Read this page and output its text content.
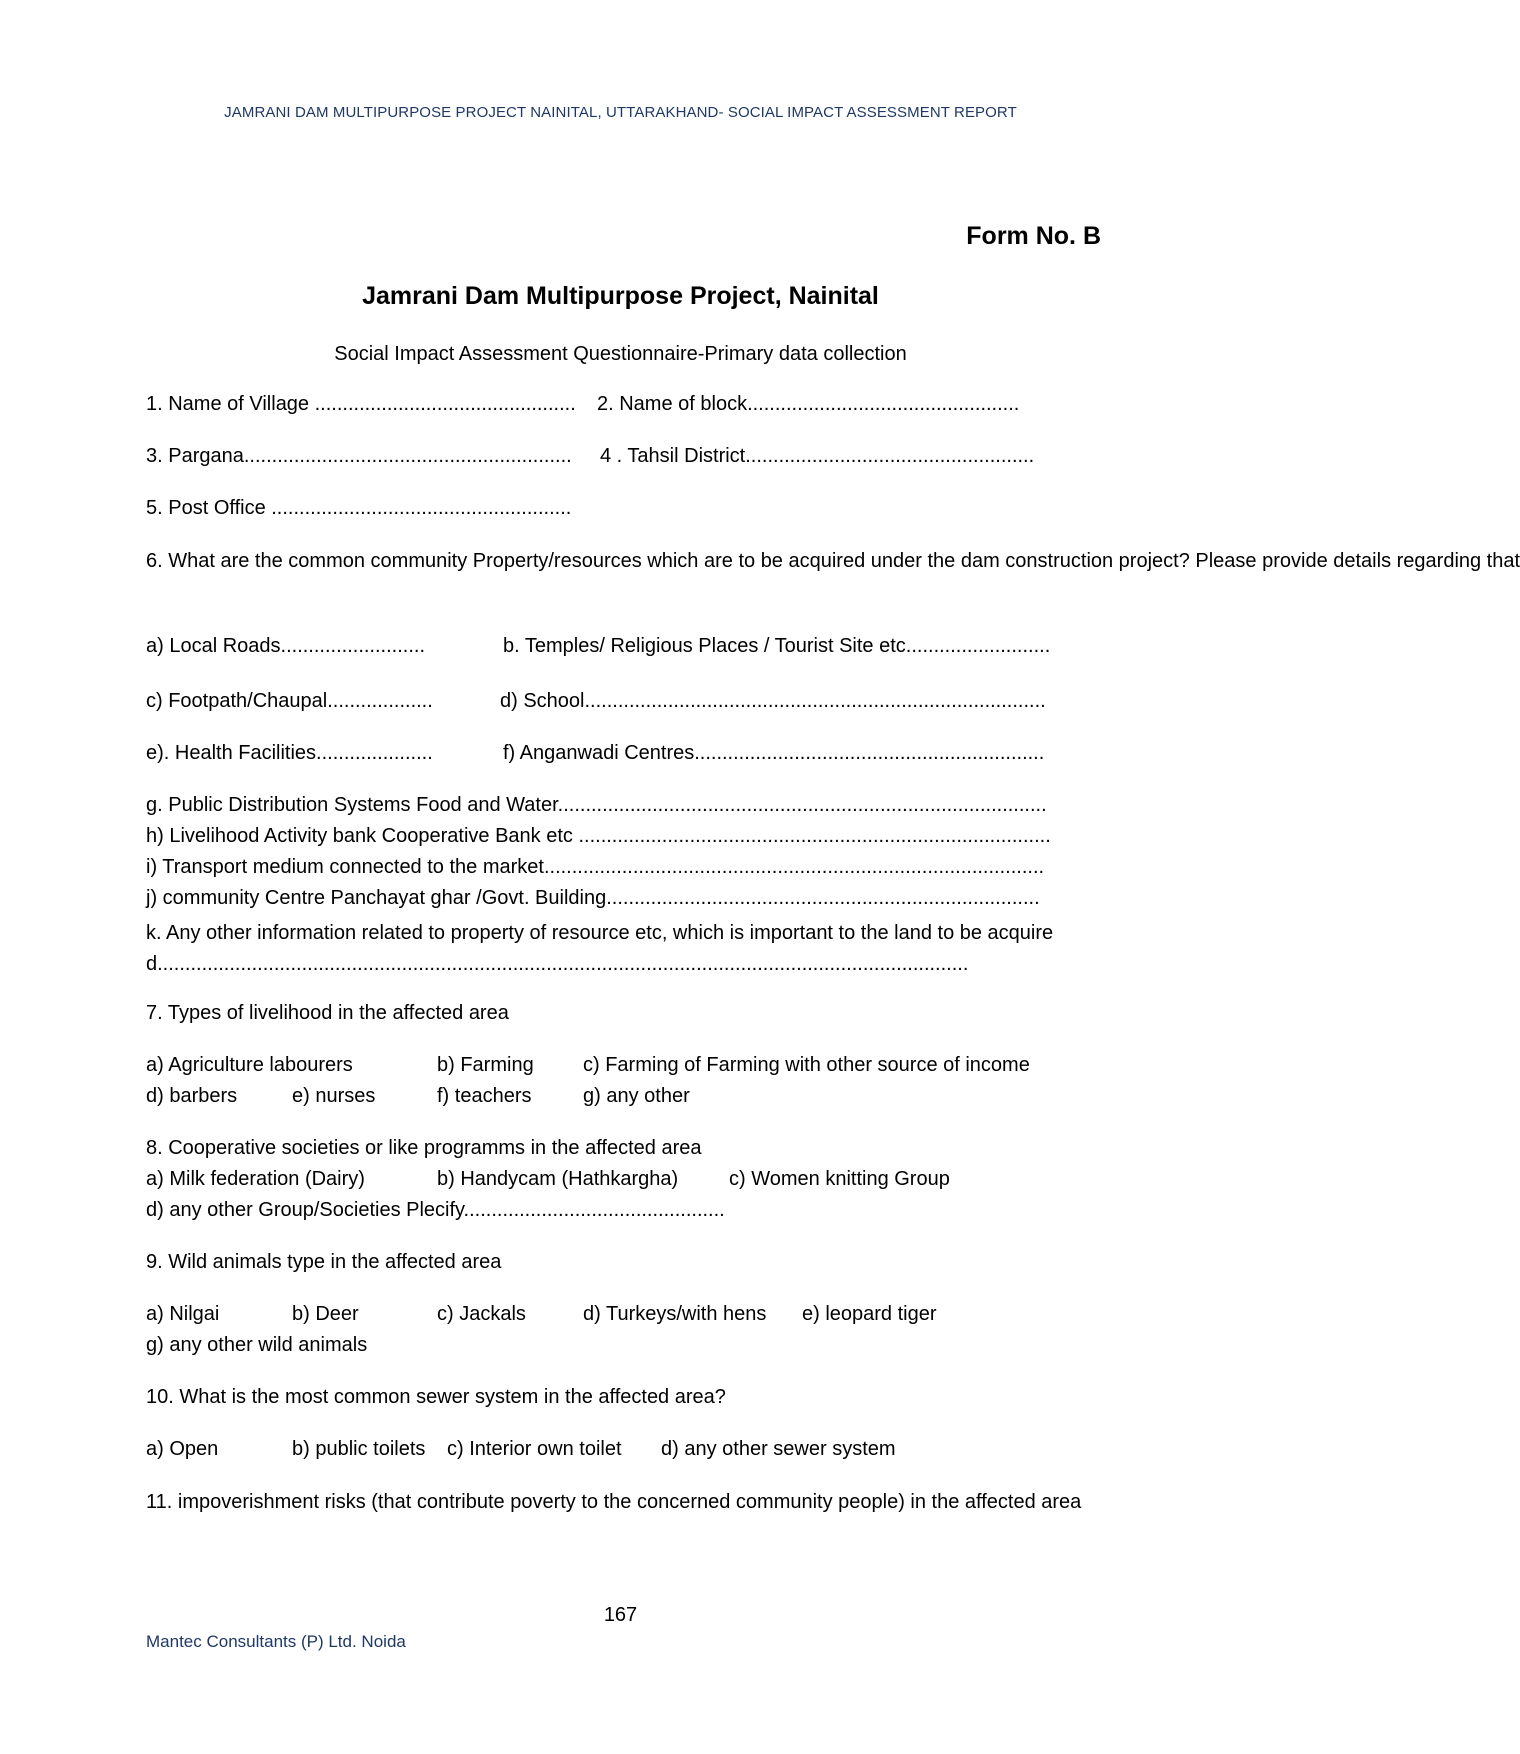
JAMRANI DAM MULTIPURPOSE PROJECT NAINITAL, UTTARAKHAND- SOCIAL IMPACT ASSESSMENT REPORT
Form No. B
Jamrani Dam Multipurpose Project, Nainital
Social Impact Assessment Questionnaire-Primary data collection
1. Name of Village ............................................... 2. Name of block.................................................
3. Pargana........................................................... 4 . Tahsil District....................................................
5. Post Office ......................................................
6. What are the common community Property/resources which are to be acquired under the dam construction project? Please provide details regarding that
a) Local Roads..........................	b. Temples/ Religious Places / Tourist Site etc..........................
c) Footpath/Chaupal...................	d) School...................................................................................
e). Health Facilities.....................	f) Anganwadi Centres...............................................................
g. Public Distribution Systems Food and Water........................................................................................
h) Livelihood Activity bank Cooperative Bank etc .....................................................................................
i) Transport medium connected to the market..........................................................................................
j) community Centre Panchayat ghar /Govt. Building..............................................................................
k. Any other information related to property of resource etc, which is important to the land to be acquired..................................................................................................................................................
7. Types of livelihood in the affected area
a) Agriculture labourers	b) Farming c) Farming of Farming with other source of income
d) barbers	e) nurses	f) teachers	g) any other
8. Cooperative societies or like programms in the affected area
a) Milk federation (Dairy)	b) Handycam (Hathkargha)	c) Women knitting Group
d) any other Group/Societies Plecify...............................................
9. Wild animals type in the affected area
a) Nilgai	b) Deer	c) Jackals	d) Turkeys/with hens e) leopard tiger
g) any other wild animals
10. What is the most common sewer system in the affected area?
a) Open	b) public toilets c) Interior own toilet d) any other sewer system
11. impoverishment risks (that contribute poverty to the concerned community people) in the affected area
167
Mantec Consultants (P) Ltd. Noida
